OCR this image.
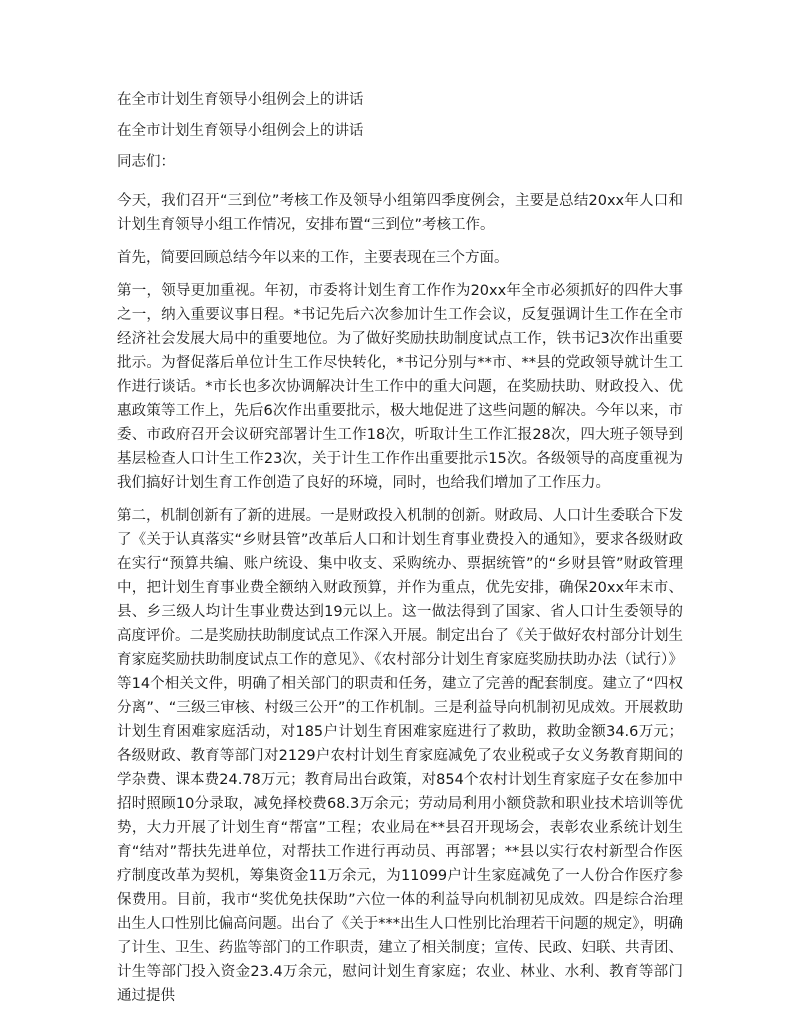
在全市计划生育领导小组例会上的讲话
在全市计划生育领导小组例会上的讲话
同志们：

今天，我们召开“三到位”考核工作及领导小组第四季度例会，主要是总结20xx年人口和计划生育领导小组工作情况，安排布置“三到位”考核工作。

首先，简要回顾总结今年以来的工作，主要表现在三个方面。

第一，领导更加重视。年初，市委将计划生育工作作为20xx年全市必须抓好的四件大事之一，纳入重要议事日程。*书记先后六次参加计生工作会议，反复强调计生工作在全市经济社会发展大局中的重要地位。为了做好奖励扶助制度试点工作，铁书记3次作出重要批示。为督促落后单位计生工作尽快转化，*书记分别与**市、**县的党政领导就计生工作进行谈话。*市长也多次协调解决计生工作中的重大问题，在奖励扶助、财政投入、优惠政策等工作上，先后6次作出重要批示，极大地促进了这些问题的解决。今年以来，市委、市政府召开会议研究部署计生工作18次，听取计生工作汇报28次，四大班子领导到基层检查人口计生工作23次，关于计生工作作出重要批示15次。各级领导的高度重视为我们搞好计划生育工作创造了良好的环境，同时，也给我们增加了工作压力。

第二，机制创新有了新的进展。一是财政投入机制的创新。财政局、人口计生委联合下发了《关于认真落实“乡财县管”改革后人口和计划生育事业费投入的通知》，要求各级财政在实行“预算共编、账户统设、集中收支、采购统办、票据统管”的“乡财县管”财政管理中，把计划生育事业费全额纳入财政预算，并作为重点，优先安排，确保20xx年末市、县、乡三级人均计生事业费达到19元以上。这一做法得到了国家、省人口计生委领导的高度评价。二是奖励扶助制度试点工作深入开展。制定出台了《关于做好农村部分计划生育家庭奖励扶助制度试点工作的意见》、《农村部分计划生育家庭奖励扶助办法（试行）》等14个相关文件，明确了相关部门的职责和任务，建立了完善的配套制度。建立了“四权分离”、“三级三审核、村级三公开”的工作机制。三是利益导向机制初见成效。开展救助计划生育困难家庭活动，对185户计划生育困难家庭进行了救助，救助金额34.6万元；各级财政、教育等部门对2129户农村计划生育家庭减免了农业税或子女义务教育期间的学杂费、课本费24.78万元；教育局出台政策，对854个农村计划生育家庭子女在参加中招时照顾10分录取，减免择校费68.3万余元；劳动局利用小额贷款和职业技术培训等优势，大力开展了计划生育“帮富”工程；农业局在**县召开现场会，表彰农业系统计划生育“结对”帮扶先进单位，对帮扶工作进行再动员、再部署；**县以实行农村新型合作医疗制度改革为契机，筹集资金11万余元，为11099户计生家庭减免了一人份合作医疗参保费用。目前，我市“奖优免扶保助”六位一体的利益导向机制初见成效。四是综合治理出生人口性别比偏高问题。出台了《关于***出生人口性别比治理若干问题的规定》，明确了计生、卫生、药监等部门的工作职责，建立了相关制度；宣传、民政、妇联、共青团、计生等部门投入资金23.4万余元，慰问计划生育家庭；农业、林业、水利、教育等部门通过提供
